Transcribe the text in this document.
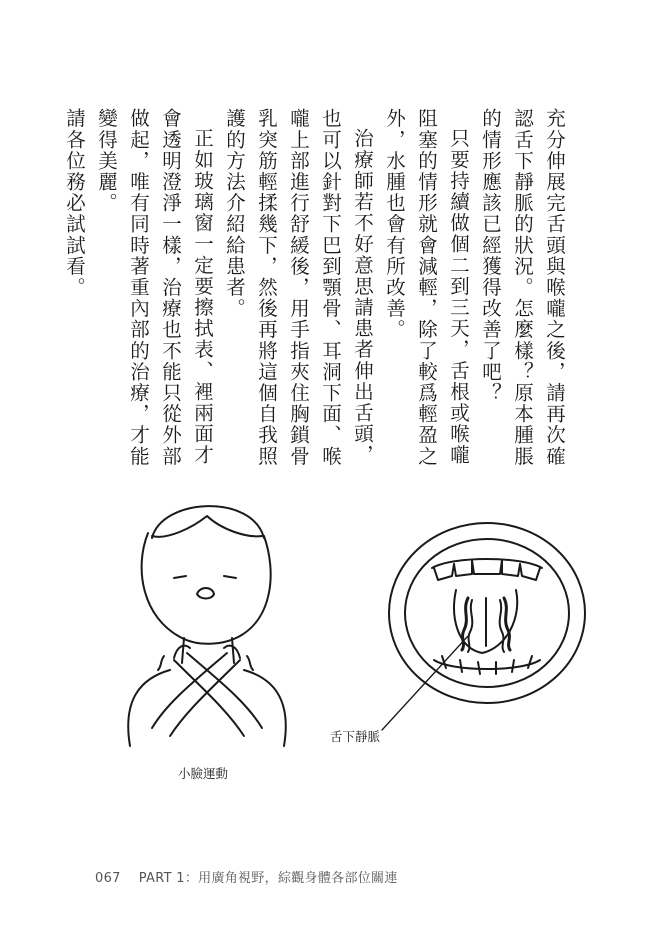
充分伸展完舌頭與喉嚨之後，請再次確認舌下靜脈的狀況。怎麼樣？原本腫脹的情形應該已經獲得改善了吧？

只要持續做個二到三天，舌根或喉嚨阻塞的情形就會減輕，除了較爲輕盈之外，水腫也會有所改善。

治療師若不好意思請患者伸出舌頭，也可以針對下巴到顎骨、耳洞下面、喉嚨上部進行舒緩後，用手指夾住胸鎖骨乳突筋輕揉幾下，然後再將這個自我照護的方法介紹給患者。

正如玻璃窗一定要擦拭表、裡兩面才會透明澄淨一樣，治療也不能只從外部做起，唯有同時著重內部的治療，才能變得美麗。

請各位務必試試看。

小臉運動
舌下靜脈
067 PART 1：用廣角視野，綜觀身體各部位關連
